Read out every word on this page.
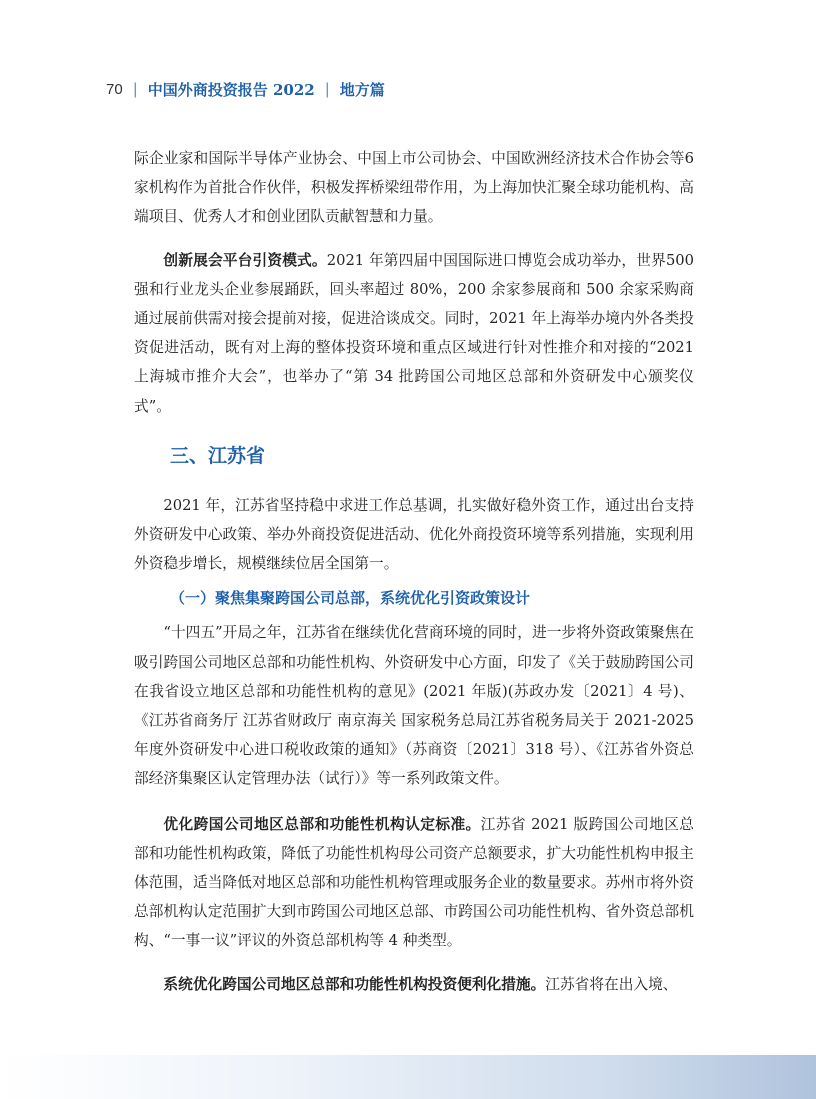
70 | 中国外商投资报告 2022 | 地方篇

际企业家和国际半导体产业协会、中国上市公司协会、中国欧洲经济技术合作协会等6 家机构作为首批合作伙伴，积极发挥桥梁纽带作用，为上海加快汇聚全球功能机构、高端项目、优秀人才和创业团队贡献智慧和力量。

创新展会平台引资模式。2021 年第四届中国国际进口博览会成功举办，世界500 强和行业龙头企业参展踊跃，回头率超过 80%，200 余家参展商和 500 余家采购商通过展前供需对接会提前对接，促进洽谈成交。同时，2021 年上海举办境内外各类投资促进活动，既有对上海的整体投资环境和重点区域进行针对性推介和对接的“2021 上海城市推介大会”，也举办了“第 34 批跨国公司地区总部和外资研发中心颁奖仪式”。

三、江苏省

2021 年，江苏省坚持稳中求进工作总基调，扎实做好稳外资工作，通过出台支持外资研发中心政策、举办外商投资促进活动、优化外商投资环境等系列措施，实现利用外资稳步增长，规模继续位居全国第一。

（一）聚焦集聚跨国公司总部，系统优化引资政策设计

“十四五”开局之年，江苏省在继续优化营商环境的同时，进一步将外资政策聚焦在吸引跨国公司地区总部和功能性机构、外资研发中心方面，印发了《关于鼓励跨国公司在我省设立地区总部和功能性机构的意见》(2021 年版)(苏政办发〔2021〕4 号)、《江苏省商务厅 江苏省财政厅 南京海关 国家税务总局江苏省税务局关于 2021-2025年度外资研发中心进口税收政策的通知》（苏商资〔2021〕318 号）、《江苏省外资总部经济集聚区认定管理办法（试行）》等一系列政策文件。

优化跨国公司地区总部和功能性机构认定标准。江苏省 2021 版跨国公司地区总部和功能性机构政策，降低了功能性机构母公司资产总额要求，扩大功能性机构申报主体范围，适当降低对地区总部和功能性机构管理或服务企业的数量要求。苏州市将外资总部机构认定范围扩大到市跨国公司地区总部、市跨国公司功能性机构、省外资总部机构、“一事一议”评议的外资总部机构等 4 种类型。

系统优化跨国公司地区总部和功能性机构投资便利化措施。江苏省将在出入境、
